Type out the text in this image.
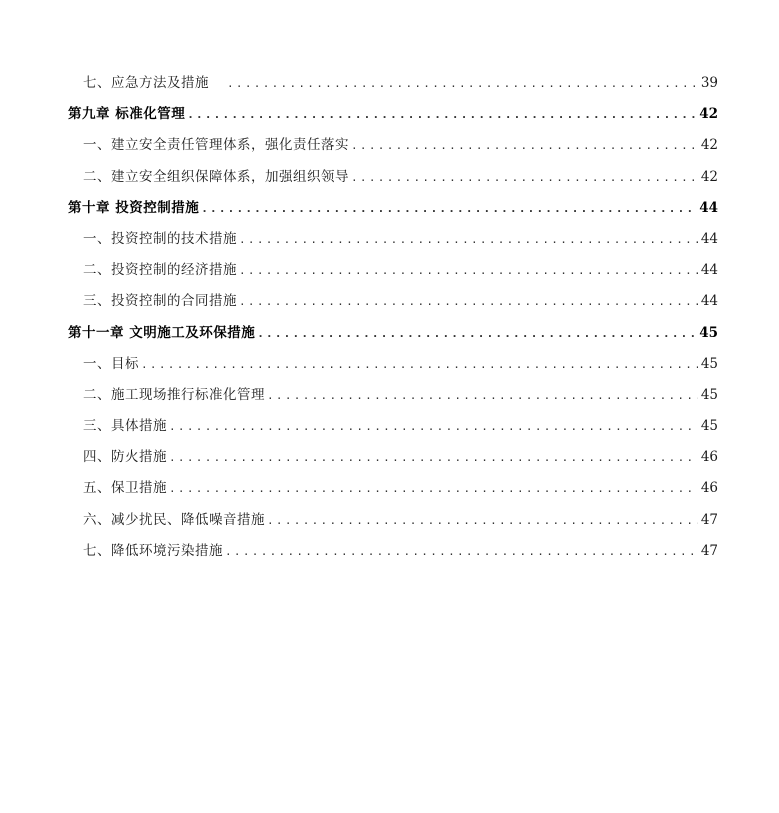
七、应急方法及措施 .....	39
第九章 标准化管理 .....	42
一、建立安全责任管理体系，强化责任落实 .....	42
二、建立安全组织保障体系，加强组织领导 .....	42
第十章 投资控制措施 .....	44
一、投资控制的技术措施 .....	44
二、投资控制的经济措施 .....	44
三、投资控制的合同措施 .....	44
第十一章 文明施工及环保措施 .....	45
一、目标 .....	45
二、施工现场推行标准化管理 .....	45
三、具体措施 .....	45
四、防火措施 .....	46
五、保卫措施 .....	46
六、减少扰民、降低噪音措施 .....	47
七、降低环境污染措施 .....	47
